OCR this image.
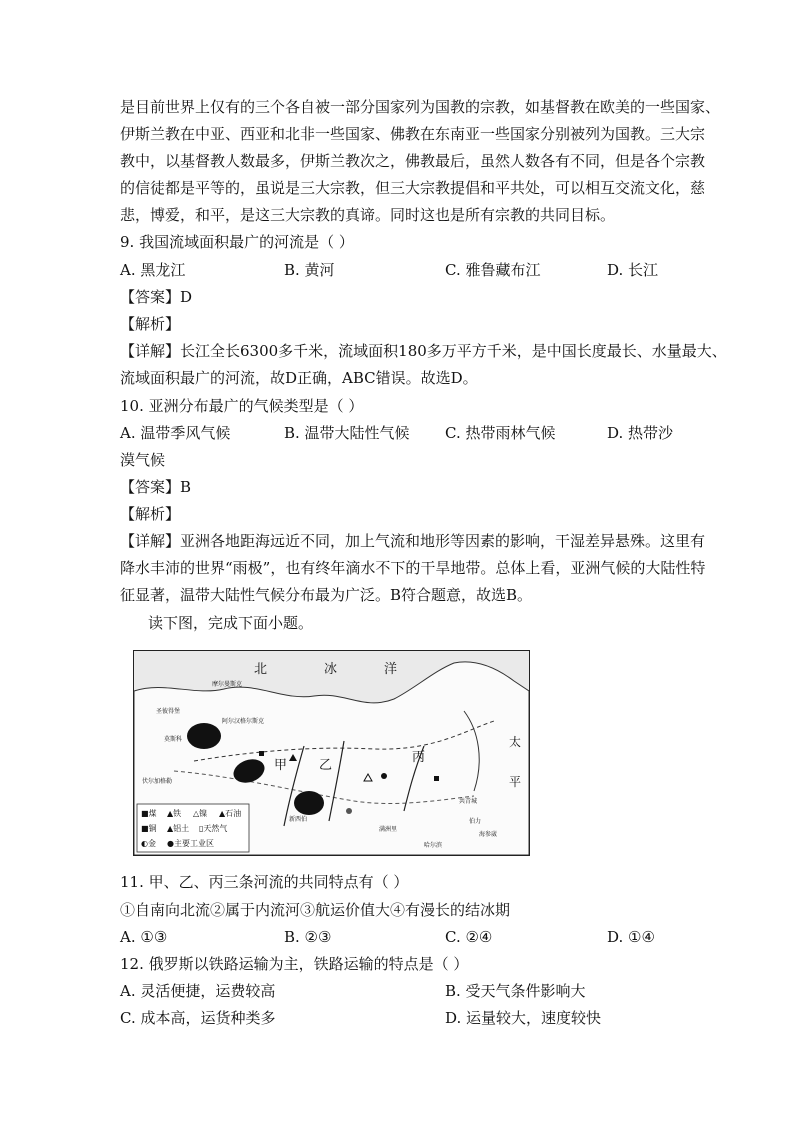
是目前世界上仅有的三个各自被一部分国家列为国教的宗教，如基督教在欧美的一些国家、
伊斯兰教在中亚、西亚和北非一些国家、佛教在东南亚一些国家分别被列为国教。三大宗
教中，以基督教人数最多，伊斯兰教次之，佛教最后，虽然人数各有不同，但是各个宗教
的信徒都是平等的，虽说是三大宗教，但三大宗教提倡和平共处，可以相互交流文化，慈
悲，博爱，和平，是这三大宗教的真谛。同时这也是所有宗教的共同目标。
9. 我国流域面积最广的河流是（ ）
A. 黑龙江	B. 黄河	C. 雅鲁藏布江	D. 长江
【答案】D
【解析】
【详解】长江全长6300多千米，流域面积180多万平方千米，是中国长度最长、水量最大、
流域面积最广的河流，故D正确，ABC错误。故选D。
10. 亚洲分布最广的气候类型是（ ）
A. 温带季风气候	B. 温带大陆性气候 C. 热带雨林气候	D. 热带沙
漠气候
【答案】B
【解析】
【详解】亚洲各地距海远近不同，加上气流和地形等因素的影响，干湿差异悬殊。这里有
降水丰沛的世界“雨极”，也有终年滴水不下的干旱地带。总体上看，亚洲气候的大陆性特
征显著，温带大陆性气候分布最为广泛。B符合题意，故选B。
读下图，完成下面小题。
■煤 ▲铁 △镍 ▲石油
■铜 ▲铝土 ▯天然气
◐金 ●主要工业区
北	冰	洋
太
平
甲 乙
丙
摩尔曼斯克
圣彼得堡
阿尔汉格尔斯克
莫斯科
伏尔加格勒
新西伯
满洲里
哈尔滨
共青城
伯力
海参崴
11. 甲、乙、丙三条河流的共同特点有（ ）
①自南向北流②属于内流河③航运价值大④有漫长的结冰期
A. ①③	B. ②③	C. ②④	D. ①④
12. 俄罗斯以铁路运输为主，铁路运输的特点是（ ）
A. 灵活便捷，运费较高	B. 受天气条件影响大
C. 成本高，运货种类多	D. 运量较大，速度较快
